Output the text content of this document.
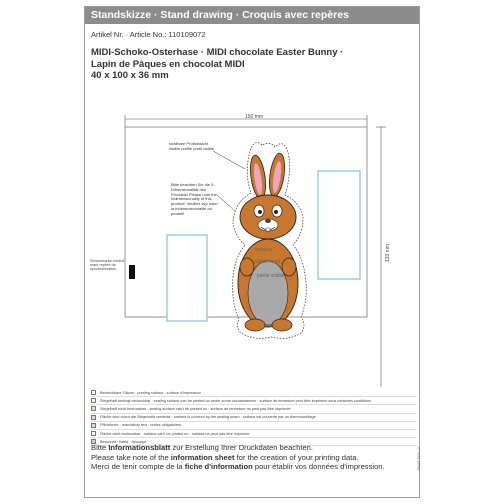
Standskizze · Stand drawing · Croquis avec repères
Artikel Nr. · Article No.: 110109072
MIDI-Schoko-Osterhase · MIDI chocolate Easter Bunny ·
Lapin de Pâques en chocolat MIDI
40 x 100 x 36 mm
150 mm
133 mm
Steuermarke control mark repère de synchronisation
sichtbare Profilansicht visible profile profil visible
Bitte beachten Sie die 3-Dimensionalität des Produkts! Please note the tridimensionality of this product! Veuillez svp noter la tridimensionnalité du produit!
sichtbar
visible front
partie visible
Bedruckbare Fläche · printing surface · surface d'impression
Siegelhaft bedingt bedruckbar · sealing surface can be printed on under some circumstances · surface de fermeture peut être imprimée sous certaines conditions
Siegelhaft nicht bedruckbar · sealing surface can't be printed on · surface de fermeture ne peut pas être imprimée
Fläche wird durch die Siegelnaht verdeckt · surface is covered by the sealing seam · surface est couverte par un thermoscellage
Pflichttexte · mandatory text · textes obligatoires
Fläche nicht bedruckbar · surface can't be printed on · surface ne peut pas être imprimée
Beschnitt · bleed · découpe
Bitte Informationsblatt zur Erstellung Ihrer Druckdaten beachten.
Please take note of the information sheet for the creation of your printing data.
Merci de tenir compte de la fiche d'information pour établir vos données d'impression.	Stand 2020-12
